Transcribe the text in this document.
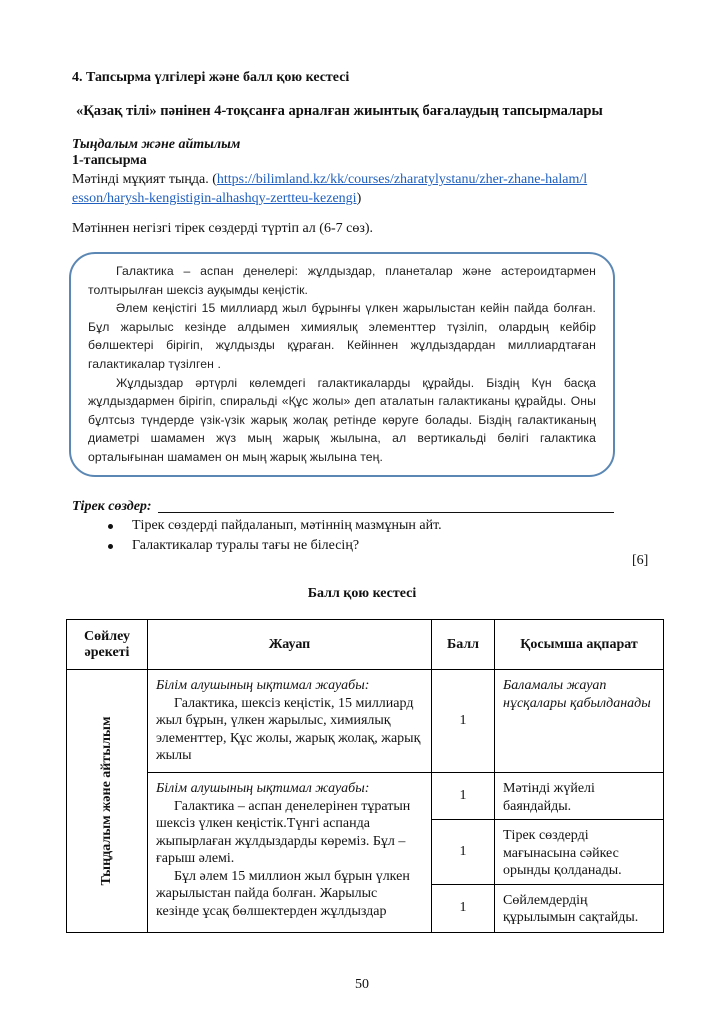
4. Тапсырма үлгілері және балл қою кестесі
«Қазақ тілі» пәнінен 4-тоқсанға арналған жиынтық бағалаудың тапсырмалары
Тыңдалым және айтылым
1-тапсырма
Мәтінді мұқият тыңда. (https://bilimland.kz/kk/courses/zharatylystanu/zher-zhane-halam/lesson/harysh-kengistigin-alhashqy-zertteu-kezengi)
Мәтіннен негізгі тірек сөздерді түртіп ал (6-7 сөз).

Галактика – аспан денелері: жұлдыздар, планеталар және астероидтармен толтырылған шексіз ауқымды кеңістік.

Әлем кеңістігі 15 миллиард жыл бұрынғы үлкен жарылыстан кейін пайда болған. Бұл жарылыс кезінде алдымен химиялық элементтер түзіліп, олардың кейбір бөлшектері бірігіп, жұлдызды құраған. Кейіннен жұлдыздардан миллиардтаған галактикалар түзілген .

Жұлдыздар әртүрлі көлемдегі галактикаларды құрайды. Біздің Күн басқа жұлдыздармен бірігіп, спиральді «Құс жолы» деп аталатын галактиканы құрайды. Оны бұлтсыз түндерде үзік-үзік жарық жолақ ретінде көруге болады. Біздің галактиканың диаметрі шамамен жүз мың жарық жылына, ал вертикальді бөлігі галактика орталығынан шамамен он мың жарық жылына тең.

Тірек сөздер:
Тірек сөздерді пайдаланып, мәтіннің мазмұнын айт.
Галактикалар туралы тағы не білесің?
[6]
Балл қою кестесі
Сөйлеу әрекеті	Жауап	Балл	Қосымша ақпарат

Тыңдалым және айтылым	Білім алушының ықтимал жауабы:
Галактика, шексіз кеңістік, 15 миллиард жыл бұрын, үлкен жарылыс, химиялық элементтер, Құс жолы, жарық жолақ, жарық жылы	1	Баламалы жауап нұсқалары қабылданады

	Білім алушының ықтимал жауабы:
Галактика – аспан денелерінен тұратын шексіз үлкен кеңістік.Түнгі аспанда жыпырлаған жұлдыздарды көреміз. Бұл – ғарыш әлемі.
Бұл әлем 15 миллион жыл бұрын үлкен жарылыстан пайда болған. Жарылыс кезінде ұсақ бөлшектерден жұлдыздар	1	Мәтінді жүйелі баяндайды.

		1	Тірек сөздерді мағынасына сәйкес орынды қолданады.

		1	Сөйлемдердің құрылымын сақтайды.
50
